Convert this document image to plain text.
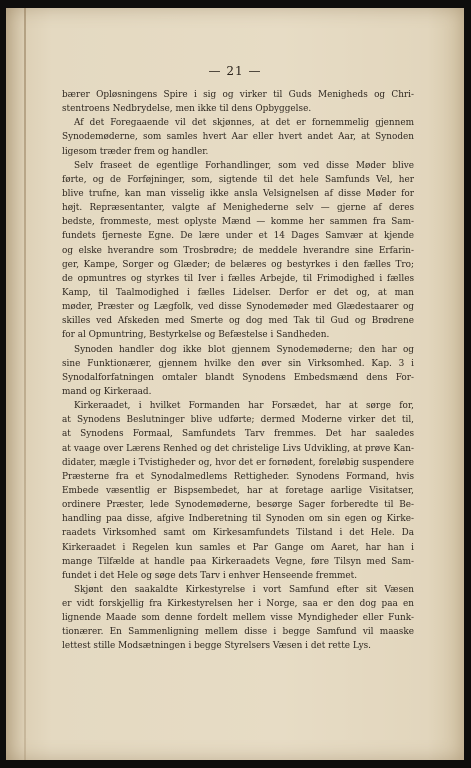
— 21 —
bærer Opløsningens Spire i sig og virker til Guds Menigheds og Chri-
stentroens Nedbrydelse, men ikke til dens Opbyggelse.
Af det Foregaaende vil det skjønnes, at det er fornemmelig gjennem
Synodemøderne, som samles hvert Aar eller hvert andet Aar, at Synoden
ligesom træder frem og handler.
Selv fraseet de egentlige Forhandlinger, som ved disse Møder blive
førte, og de Forføjninger, som, sigtende til det hele Samfunds Vel, her
blive trufne, kan man visselig ikke ansla Velsignelsen af disse Møder for
højt. Repræsentanter, valgte af Menighederne selv — gjerne af deres
bedste, frommeste, mest oplyste Mænd — komme her sammen fra Sam-
fundets fjerneste Egne. De lære under et 14 Dages Samvær at kjende
og elske hverandre som Trosbrødre; de meddele hverandre sine Erfarin-
ger, Kampe, Sorger og Glæder; de belæres og bestyrkes i den fælles Tro;
de opmuntres og styrkes til Iver i fælles Arbejde, til Frimodighed i fælles
Kamp, til Taalmodighed i fælles Lidelser. Derfor er det og, at man
møder, Præster og Lægfolk, ved disse Synodemøder med Glædestaarer og
skilles ved Afskeden med Smerte og dog med Tak til Gud og Brødrene
for al Opmuntring, Bestyrkelse og Befæstelse i Sandheden.
Synoden handler dog ikke blot gjennem Synodemøderne; den har og
sine Funktionærer, gjennem hvilke den øver sin Virksomhed. Kap. 3 i
Synodalforfatningen omtaler blandt Synodens Embedsmænd dens For-
mand og Kirkeraad.
Kirkeraadet, i hvilket Formanden har Forsædet, har at sørge for,
at Synodens Beslutninger blive udførte; dermed Moderne virker det til,
at Synodens Formaal, Samfundets Tarv fremmes. Det har saaledes
at vaage over Lærens Renhed og det christelige Livs Udvikling, at prøve Kan-
didater, mægle i Tvistigheder og, hvor det er fornødent, foreløbig suspendere
Præsterne fra et Synodalmedlems Rettigheder. Synodens Formand, hvis
Embede væsentlig er Bispsembedet, har at foretage aarlige Visitatser,
ordinere Præster, lede Synodemøderne, besørge Sager forberedte til Be-
handling paa disse, afgive Indberetning til Synoden om sin egen og Kirke-
raadets Virksomhed samt om Kirkesamfundets Tilstand i det Hele. Da
Kirkeraadet i Regelen kun samles et Par Gange om Aaret, har han i
mange Tilfælde at handle paa Kirkeraadets Vegne, føre Tilsyn med Sam-
fundet i det Hele og søge dets Tarv i enhver Henseende fremmet.
Skjønt den saakaldte Kirkestyrelse i vort Samfund efter sit Væsen
er vidt forskjellig fra Kirkestyrelsen her i Norge, saa er den dog paa en
lignende Maade som denne fordelt mellem visse Myndigheder eller Funk-
tionærer. En Sammenligning mellem disse i begge Samfund vil maaske
lettest stille Modsætningen i begge Styrelsers Væsen i det rette Lys.
